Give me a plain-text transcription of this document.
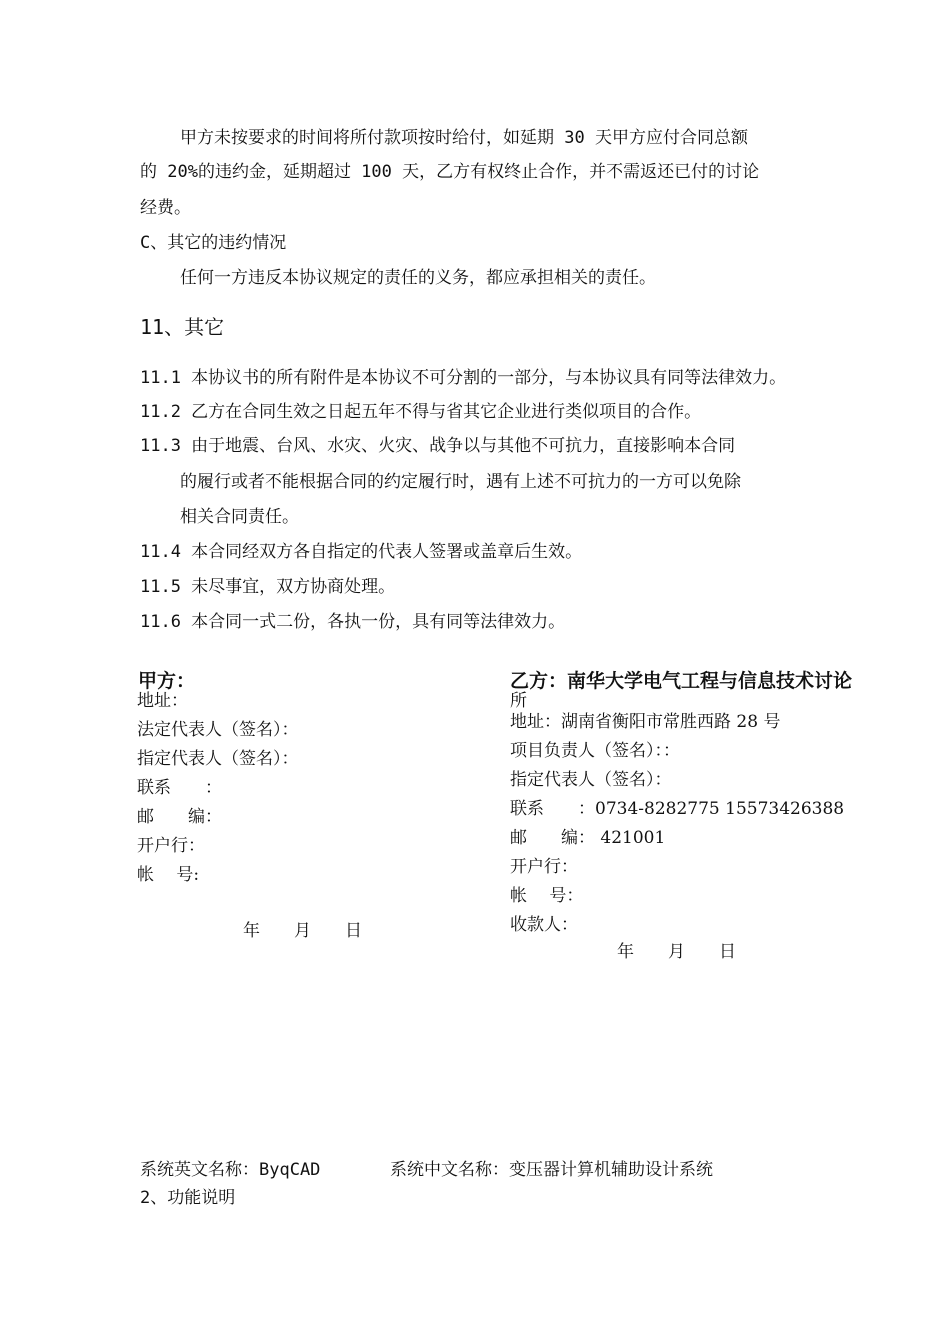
甲方未按要求的时间将所付款项按时给付，如延期 30 天甲方应付合同总额
的 20%的违约金，延期超过 100 天，乙方有权终止合作，并不需返还已付的讨论
经费。
C、其它的违约情况
任何一方违反本协议规定的责任的义务，都应承担相关的责任。
11、其它
11.1 本协议书的所有附件是本协议不可分割的一部分，与本协议具有同等法律效力。
11.2 乙方在合同生效之日起五年不得与省其它企业进行类似项目的合作。
11.3 由于地震、台风、水灾、火灾、战争以与其他不可抗力，直接影响本合同
的履行或者不能根据合同的约定履行时，遇有上述不可抗力的一方可以免除
相关合同责任。
11.4 本合同经双方各自指定的代表人签署或盖章后生效。
11.5 未尽事宜，双方协商处理。
11.6 本合同一式二份，各执一份，具有同等法律效力。
甲方：
地址：
法定代表人（签名）：
指定代表人（签名）：
联系　　：
邮　　编：
开户行：
帐　 号:
年　　月　　日
乙方：南华大学电气工程与信息技术讨论
所
地址：湖南省衡阳市常胜西路 28 号
项目负责人（签名）：：
指定代表人（签名）：
联系　　：0734-8282775 15573426388
邮　　编： 421001
开户行：
帐　 号：
收款人：
年　　月　　日
系统英文名称：ByqCAD	系统中文名称：变压器计算机辅助设计系统
2、功能说明
